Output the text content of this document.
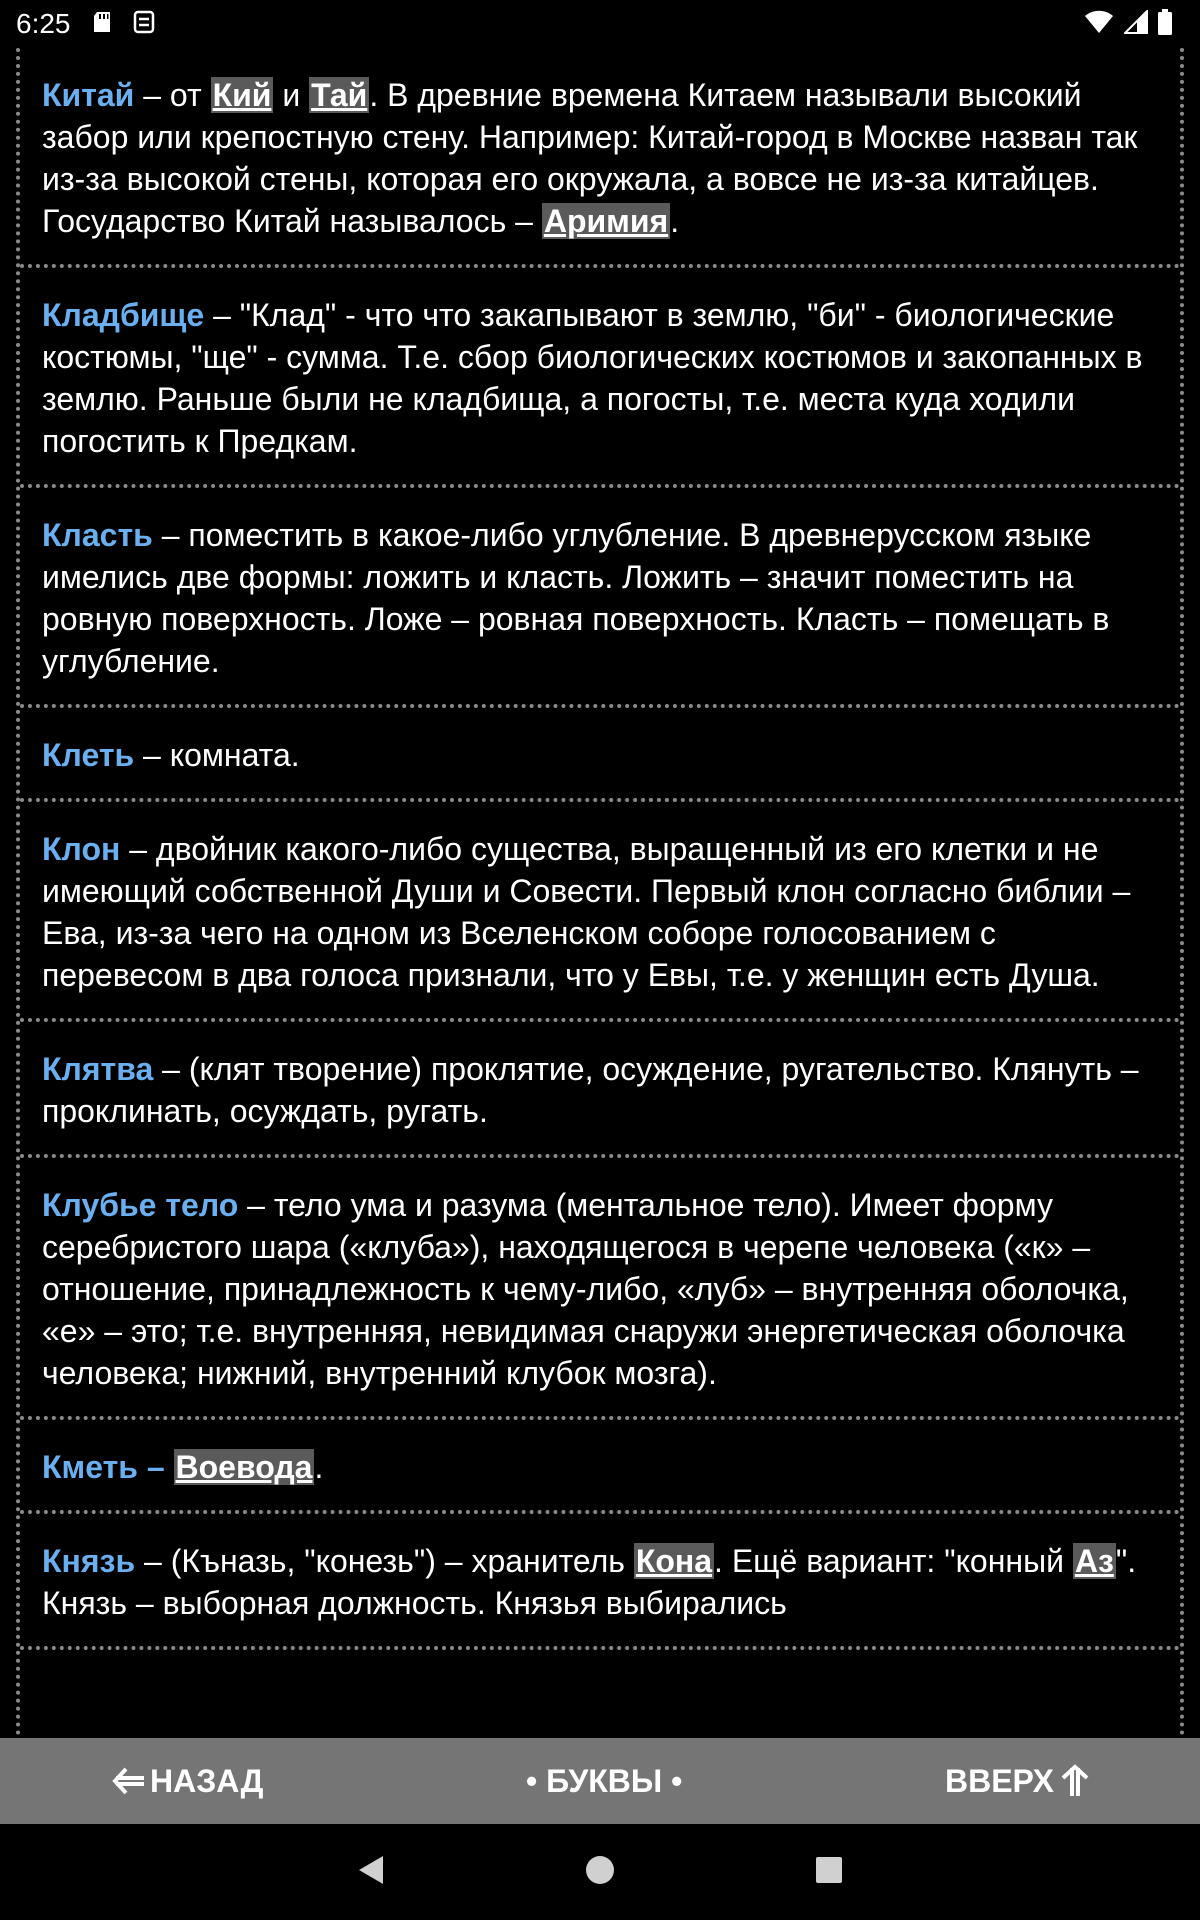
6:25
Китай – от Кий и Тай. В древние времена Китаем называли высокий забор или крепостную стену. Например: Китай-город в Москве назван так из-за высокой стены, которая его окружала, а вовсе не из-за китайцев. Государство Китай называлось – Аримия.
Кладбище – "Клад" - что что закапывают в землю, "би" - биологические костюмы, "ще" - сумма. Т.е. сбор биологических костюмов и закопанных в землю. Раньше были не кладбища, а погосты, т.е. места куда ходили погостить к Предкам.
Класть – поместить в какое-либо углубление. В древнерусском языке имелись две формы: ложить и класть. Ложить – значит поместить на ровную поверхность. Ложе – ровная поверхность. Класть – помещать в углубление.
Клеть – комната.
Клон – двойник какого-либо существа, выращенный из его клетки и не имеющий собственной Души и Совести. Первый клон согласно библии – Ева, из-за чего на одном из Вселенском соборе голосованием с перевесом в два голоса признали, что у Евы, т.е. у женщин есть Душа.
Клятва – (клят творение) проклятие, осуждение, ругательство. Клянуть – проклинать, осуждать, ругать.
Клубье тело – тело ума и разума (ментальное тело). Имеет форму серебристого шара («клуба»), находящегося в черепе человека («к» – отношение, принадлежность к чему-либо, «луб» – внутренняя оболочка, «е» – это; т.е. внутренняя, невидимая снаружи энергетическая оболочка человека; нижний, внутренний клубок мозга).
Кметь – Воевода.
Князь – (Къназь, "конезь") – хранитель Кона. Ещё вариант: "конный Аз". Князь – выборная должность. Князья выбирались
НАЗАД	• БУКВЫ •	ВВЕРХ
